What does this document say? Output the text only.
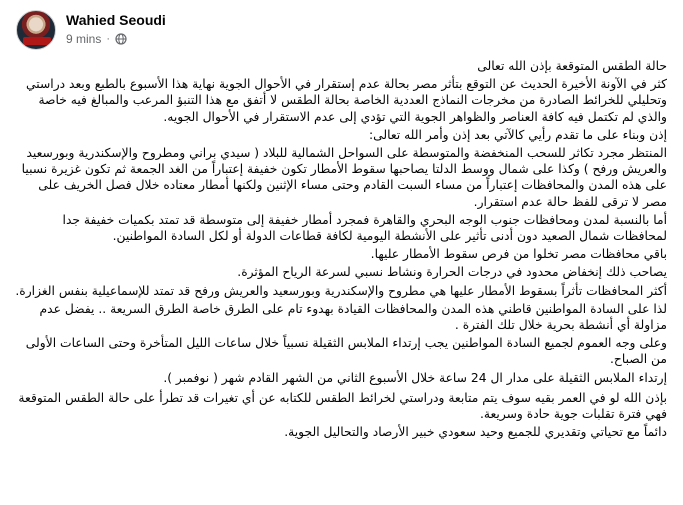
Wahied Seoudi
9 mins ·

حالة الطقس المتوقعة بإذن الله تعالى

كثر في الآونة الأخيرة الحديث عن التوقع بتأثر مصر بحالة عدم إستقرار في الأحوال الجوية نهاية هذا الأسبوع بالطبع وبعد دراستي وتحليلي للخرائط الصادرة من مخرجات النماذج العددية الخاصة بحالة الطقس لا أتفق مع هذا التنبؤ المرعب والمبالغ فيه خاصة والذي لم تكتمل فيه كافة العناصر والظواهر الجوية التي تؤدي إلى عدم الاستقرار في الأحوال الجويه.

إذن وبناء على ما تقدم رأيي كالآتي بعد إذن وأمر الله تعالى:

المنتظر مجرد تكاثر للسحب المنخفضة والمتوسطة على السواحل الشمالية للبلاد ( سيدي براني ومطروح والإسكندرية وبورسعيد والعريش ورفح ) وكذا على شمال ووسط الدلتا يصاحبها سقوط الأمطار تكون خفيفة إعتباراً من الغد الجمعة ثم تكون غزيرة نسبيا على هذه المدن والمحافظات إعتباراً من مساء السبت القادم وحتى مساء الإثنين ولكنها أمطار معتاده خلال فصل الخريف على مصر لا ترقى للفظ حالة عدم استقرار.

أما بالنسبة لمدن ومحافظات جنوب الوجه البحري والقاهرة فمجرد أمطار خفيفة إلى متوسطة قد تمتد بكميات خفيفة جدا لمحافظات شمال الصعيد دون أدنى تأثير على الأنشطة اليومية لكافة قطاعات الدولة أو لكل السادة المواطنين.

باقي محافظات مصر تخلوا من فرص سقوط الأمطار عليها.

يصاحب ذلك إنخفاض محدود في درجات الحرارة ونشاط نسبي لسرعة الرياح المؤثرة.

أكثر المحافظات تأثراً بسقوط الأمطار عليها هي مطروح والإسكندرية وبورسعيد والعريش ورفح قد تمتد للإسماعيلية بنفس الغزارة.

لذا على السادة المواطنين قاطني هذه المدن والمحافظات القيادة بهدوء تام على الطرق خاصة الطرق السريعة .. يفضل عدم مزاولة أي أنشطة بحرية خلال تلك الفترة .

وعلى وجه العموم لجميع السادة المواطنين يجب إرتداء الملابس الثقيلة نسبياً خلال ساعات الليل المتأخرة وحتى الساعات الأولى من الصباح.

إرتداء الملابس الثقيلة على مدار ال 24 ساعة خلال الأسبوع الثاني من الشهر القادم شهر ( نوفمبر ).

بإذن الله لو في العمر بقيه سوف يتم متابعة ودراستي لخرائط الطقس للكتابه عن أي تغيرات قد تطرأ على حالة الطقس المتوقعة فهي فترة تقلبات جوية حادة وسريعة.

دائماً مع تحياتي وتقديري للجميع وحيد سعودي خبير الأرصاد والتحاليل الجوية.
